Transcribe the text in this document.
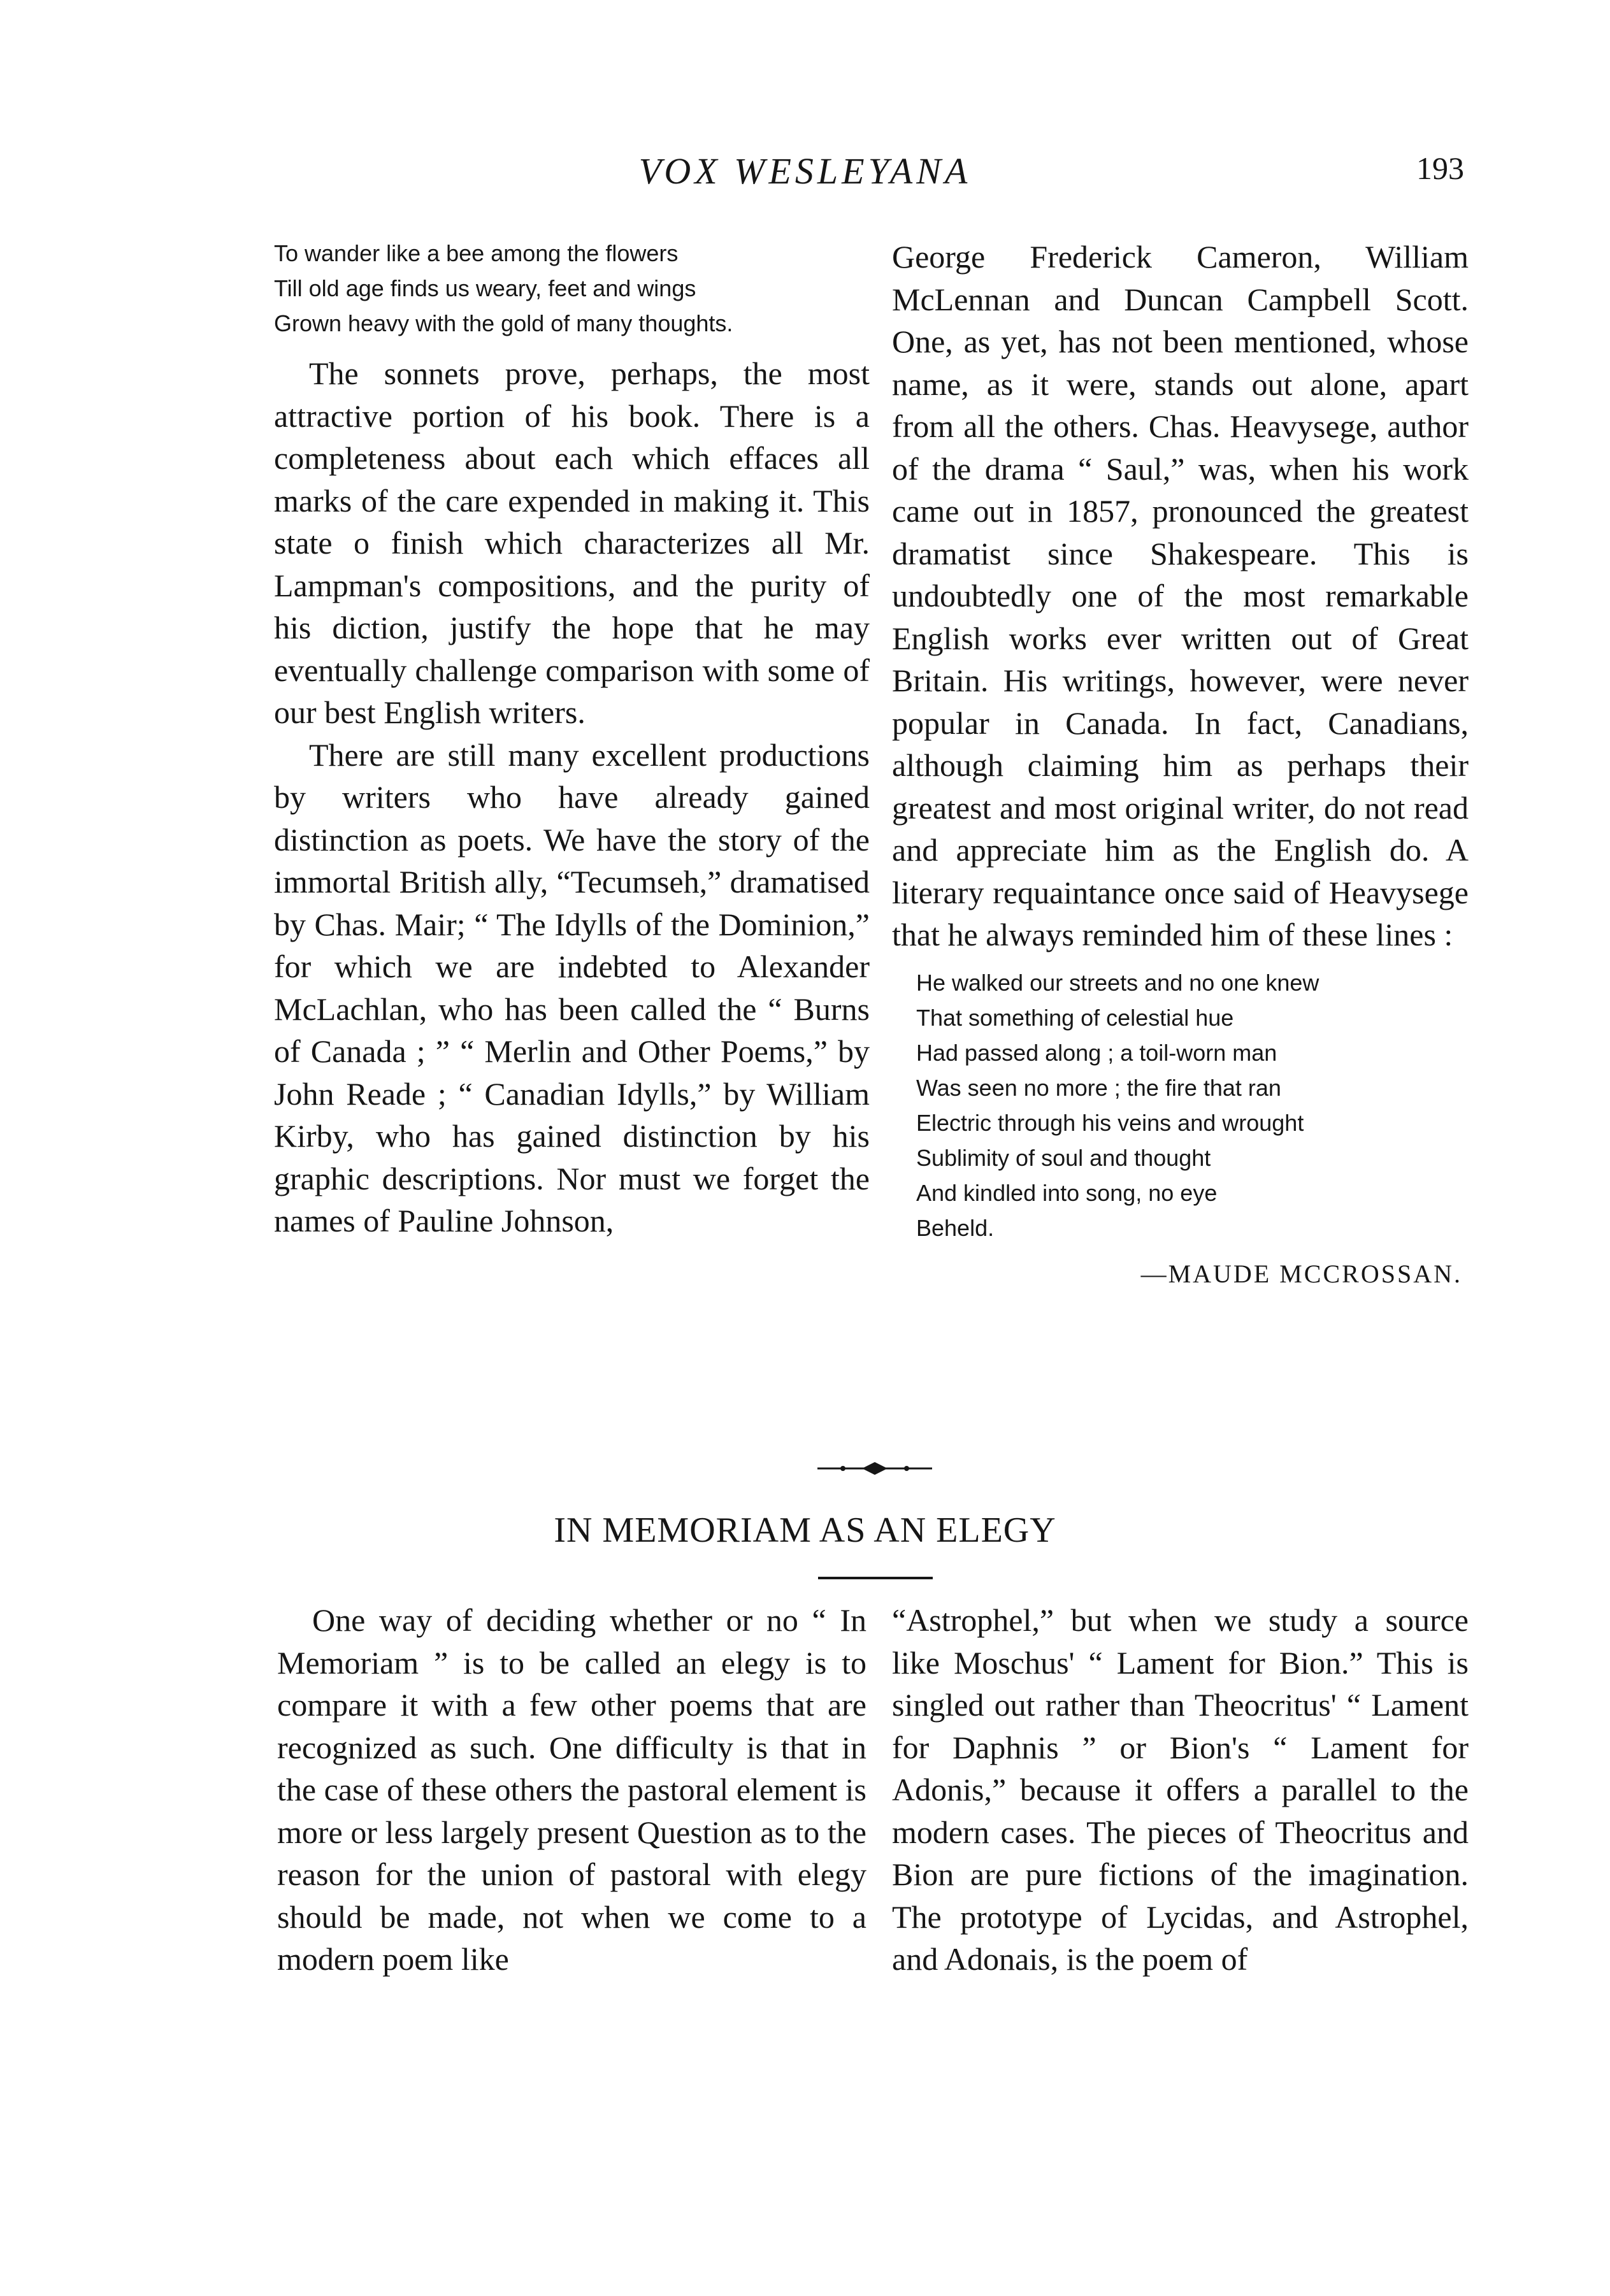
VOX WESLEYANA	193
To wander like a bee among the flowers
Till old age finds us weary, feet and wings
Grown heavy with the gold of many thoughts.

The sonnets prove, perhaps, the most attractive portion of his book. There is a completeness about each which effaces all marks of the care expended in making it. This state o finish which characterizes all Mr. Lampman's compositions, and the purity of his diction, justify the hope that he may eventually challenge comparison with some of our best English writers.

There are still many excellent productions by writers who have already gained distinction as poets. We have the story of the immortal British ally, “Tecumseh,” dramatised by Chas. Mair; “ The Idylls of the Dominion,” for which we are indebted to Alexander McLachlan, who has been called the “ Burns of Canada ; ” “ Merlin and Other Poems,” by John Reade ; “ Canadian Idylls,” by William Kirby, who has gained distinction by his graphic descriptions. Nor must we forget the names of Pauline Johnson,

George Frederick Cameron, William McLennan and Duncan Campbell Scott. One, as yet, has not been mentioned, whose name, as it were, stands out alone, apart from all the others. Chas. Heavysege, author of the drama “ Saul,” was, when his work came out in 1857, pronounced the greatest dramatist since Shakespeare. This is undoubtedly one of the most remarkable English works ever written out of Great Britain. His writings, however, were never popular in Canada. In fact, Canadians, although claiming him as perhaps their greatest and most original writer, do not read and appreciate him as the English do. A literary requaintance once said of Heavysege that he always reminded him of these lines :

He walked our streets and no one knew
That something of celestial hue
Had passed along ; a toil-worn man
Was seen no more ; the fire that ran
Electric through his veins and wrought
Sublimity of soul and thought
And kindled into song, no eye
Beheld.
—MAUDE MCCROSSAN.
IN MEMORIAM AS AN ELEGY

One way of deciding whether or no “ In Memoriam ” is to be called an elegy is to compare it with a few other poems that are recognized as such. One difficulty is that in the case of these others the pastoral element is more or less largely present Question as to the reason for the union of pastoral with elegy should be made, not when we come to a modern poem like

“Astrophel,” but when we study a source like Moschus' “ Lament for Bion.” This is singled out rather than Theocritus' “ Lament for Daphnis ” or Bion's “ Lament for Adonis,” because it offers a parallel to the modern cases. The pieces of Theocritus and Bion are pure fictions of the imagination. The prototype of Lycidas, and Astrophel, and Adonais, is the poem of
